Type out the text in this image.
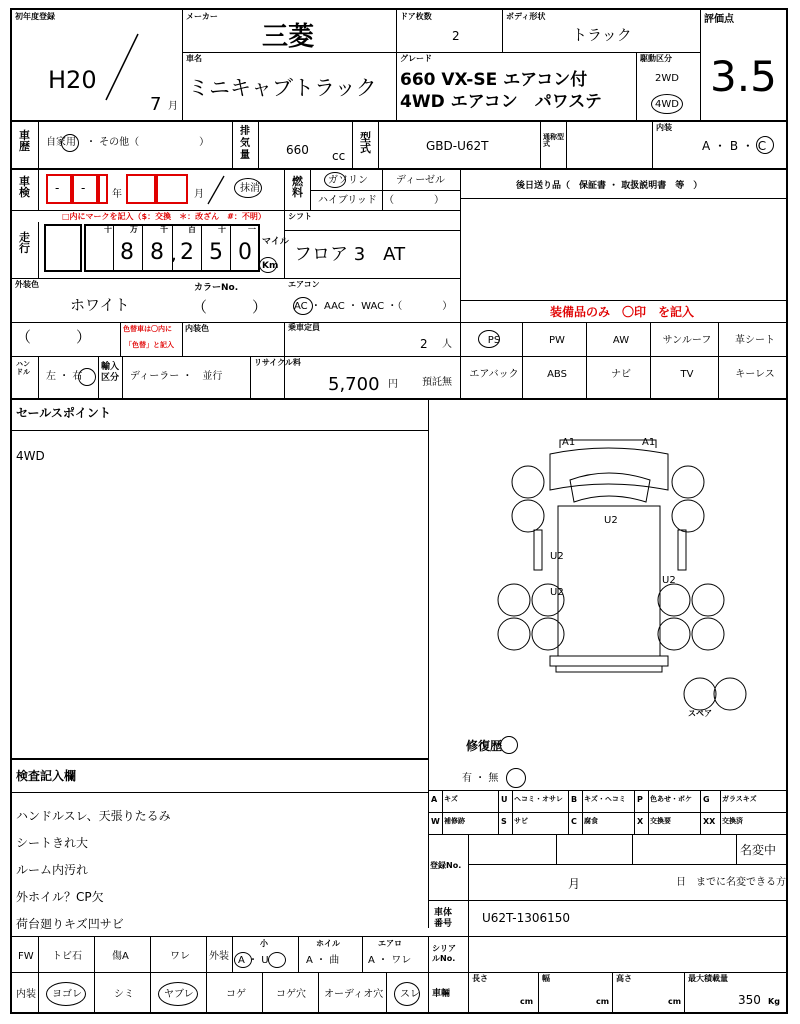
初年度登録
H20
7 月
メーカー
三菱
ドア枚数
2
ボディ形状
トラック
評価点
3.5
車名
ミニキャブトラック
グレード
660 VX-SE エアコン付
4WD エアコン　パワステ
駆動区分
2WD
4WD
車歴 自家用　・ その他（　　　　　　）
排気量	660 cc
型式	GBD-U62T
通称型式
内装
A ・ B ・ C
車検 - -	年	月
抹消
燃料
ガソリン	ディーゼル
ハイブリッド （　　　　）
後日送り品（　保証書 ・ 取扱説明書　等　）
□内にマークを記入（$：交換　＊：改ざん　#：不明）
走行
十 万	千	百	十	一
8 8 , 2 5 0 マイル
Km
シフト
フロア 3　AT
外装色
ホワイト
カラーNo.
（　　　）
エアコン
AC ・ AAC ・ WAC ・（　　　　）	装備品のみ　〇印　を記入
（　　　）	色替車は〇内に
「色替」と記入
内装色	乗車定員
2 人
ハンドル 左 ・ 右
輸入区分 ディーラー ・　並行
リサイクル料
5,700 円 預託無
セールスポイント
4WD
A1	A1
U2
U2
U2
U2
スペア
修復歴
有 ・ 無
登録No.
名変中
月	日　までに名変できる方
車体番号	U62T-1306150
検査記入欄
ハンドルスレ、天張りたるみ
シートきれ大
ルーム内汚れ
外ホイル？CP欠
荷台廻りキズ凹サビ
FW トビ石	傷A	ワレ 外装
小
A ・ U
ホイル
A ・ 曲
エアロ
A ・ ワレ
内装 ヨゴレ	シミ	ヤブレ	コゲ	コゲ穴 オーディオ穴 スレ
シリアルNo.
車輛
長さ
cm
幅
cm
高さ
cm
最大積載量
350 Kg
PS	PW	AW	サンルーフ	革シート
エアバック	ABS	ナビ	TV	キーレス
A キズ	U ヘコミ・オサレ B キズ・ヘコミ P 色あせ・ボケ G ガラスキズ
W 補修跡	S サビ	C 腐食	X 交換要	XX 交換済
